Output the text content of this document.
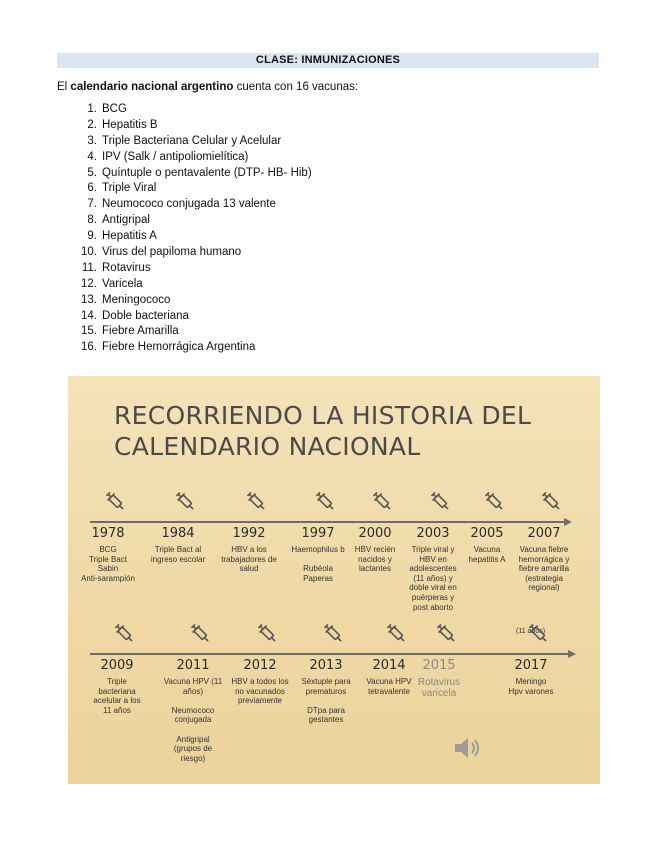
CLASE: INMUNIZACIONES
El calendario nacional argentino cuenta con 16 vacunas:
1. BCG
2. Hepatitis B
3. Triple Bacteriana Celular y Acelular
4. IPV (Salk / antipoliomielítica)
5. Quíntuple o pentavalente (DTP- HB- Hib)
6. Triple Viral
7. Neumococo conjugada 13 valente
8. Antigripal
9. Hepatitis A
10. Virus del papiloma humano
11. Rotavirus
12. Varicela
13. Meningococo
14. Doble bacteriana
15. Fiebre Amarilla
16. Fiebre Hemorrágica Argentina
RECORRIENDO LA HISTORIA DEL CALENDARIO NACIONAL
(11 años)
1978
BCG
Triple Bact
Sabin
Anti-sarampión
1984
Triple Bact al
ingreso escolar
1992
HBV a los
trabajadores de
salud
1997
Haemophilus b

Rubéola
Paperas
2000
HBV recién
nacidos y
lactantes
2003
Triple viral y
HBV en
adolescentes
(11 años) y
doble viral en
puérperas y
post aborto
2005
Vacuna
hepatitis A
2007
Vacuna fiebre
hemorrágica y
fiebre amarilla
(estrategia
regional)
2009
Triple
bacteriana
acelular a los
11 años
2011
Vacuna HPV (11
años)

Neumococo
conjugada

Antigripal
(grupos de
riesgo)
2012
HBV a todos los
no vacunados
previamente
2013
Séxtuple para
prematuros

DTpa para
gestantes
2014
Vacuna HPV
tetravalente
2015
Rotavirus
varicela
2017
Meningo
Hpv varones
